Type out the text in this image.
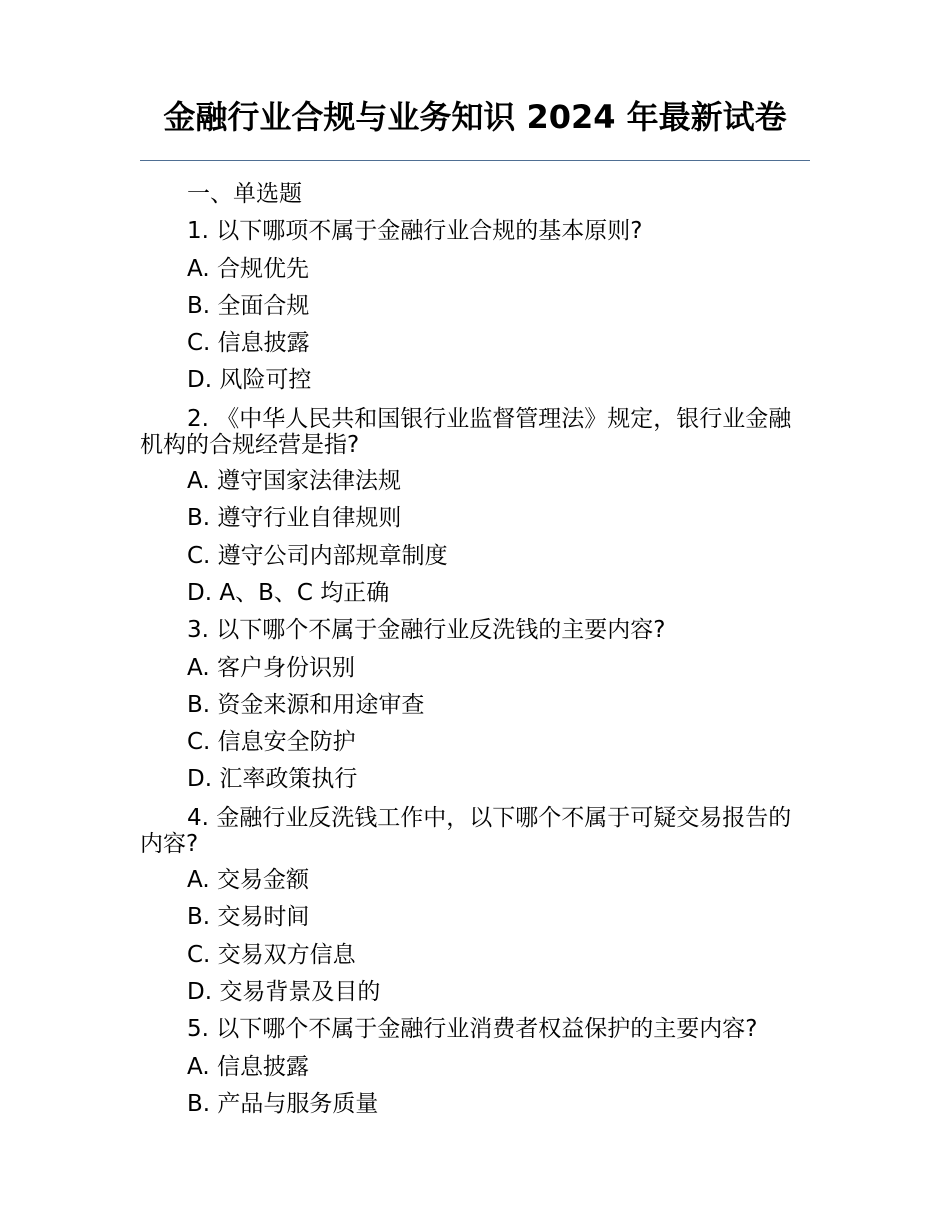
金融行业合规与业务知识 2024 年最新试卷
一、单选题
1. 以下哪项不属于金融行业合规的基本原则?
A. 合规优先
B. 全面合规
C. 信息披露
D. 风险可控
2. 《中华人民共和国银行业监督管理法》规定，银行业金融机构的合规经营是指?
A. 遵守国家法律法规
B. 遵守行业自律规则
C. 遵守公司内部规章制度
D. A、B、C 均正确
3. 以下哪个不属于金融行业反洗钱的主要内容?
A. 客户身份识别
B. 资金来源和用途审查
C. 信息安全防护
D. 汇率政策执行
4. 金融行业反洗钱工作中，以下哪个不属于可疑交易报告的内容?
A. 交易金额
B. 交易时间
C. 交易双方信息
D. 交易背景及目的
5. 以下哪个不属于金融行业消费者权益保护的主要内容?
A. 信息披露
B. 产品与服务质量
